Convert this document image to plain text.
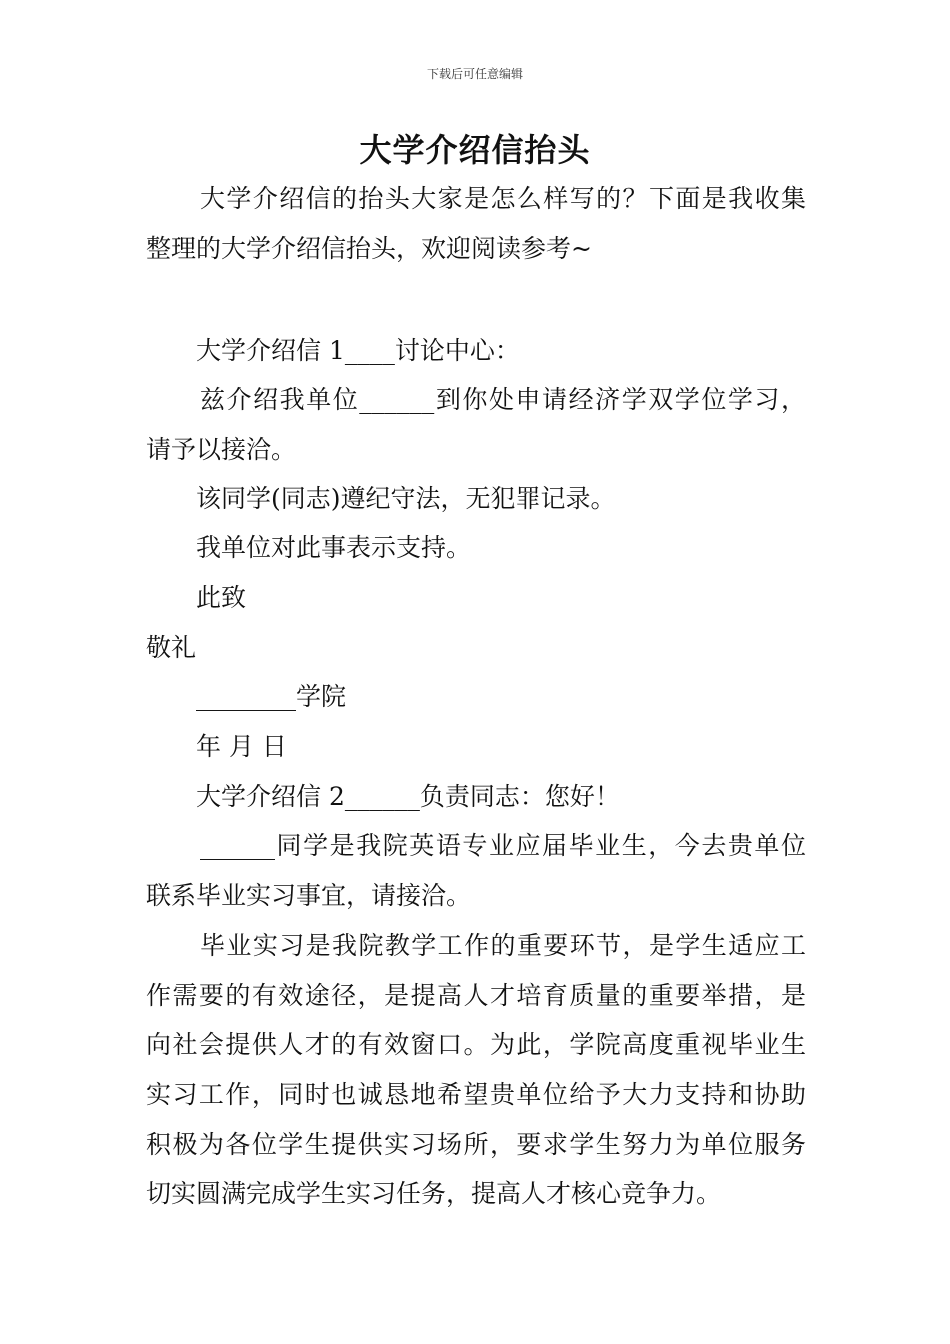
下载后可任意编辑
大学介绍信抬头
大学介绍信的抬头大家是怎么样写的？下面是我收集
整理的大学介绍信抬头，欢迎阅读参考~
大学介绍信 1____讨论中心：
兹介绍我单位______到你处申请经济学双学位学习，
请予以接洽。
该同学(同志)遵纪守法，无犯罪记录。
我单位对此事表示支持。
此致
敬礼
________学院
年 月 日
大学介绍信 2______负责同志：您好！
______同学是我院英语专业应届毕业生，今去贵单位
联系毕业实习事宜，请接洽。
毕业实习是我院教学工作的重要环节，是学生适应工
作需要的有效途径，是提高人才培育质量的重要举措，是
向社会提供人才的有效窗口。为此，学院高度重视毕业生
实习工作，同时也诚恳地希望贵单位给予大力支持和协助
积极为各位学生提供实习场所，要求学生努力为单位服务
切实圆满完成学生实习任务，提高人才核心竞争力。
